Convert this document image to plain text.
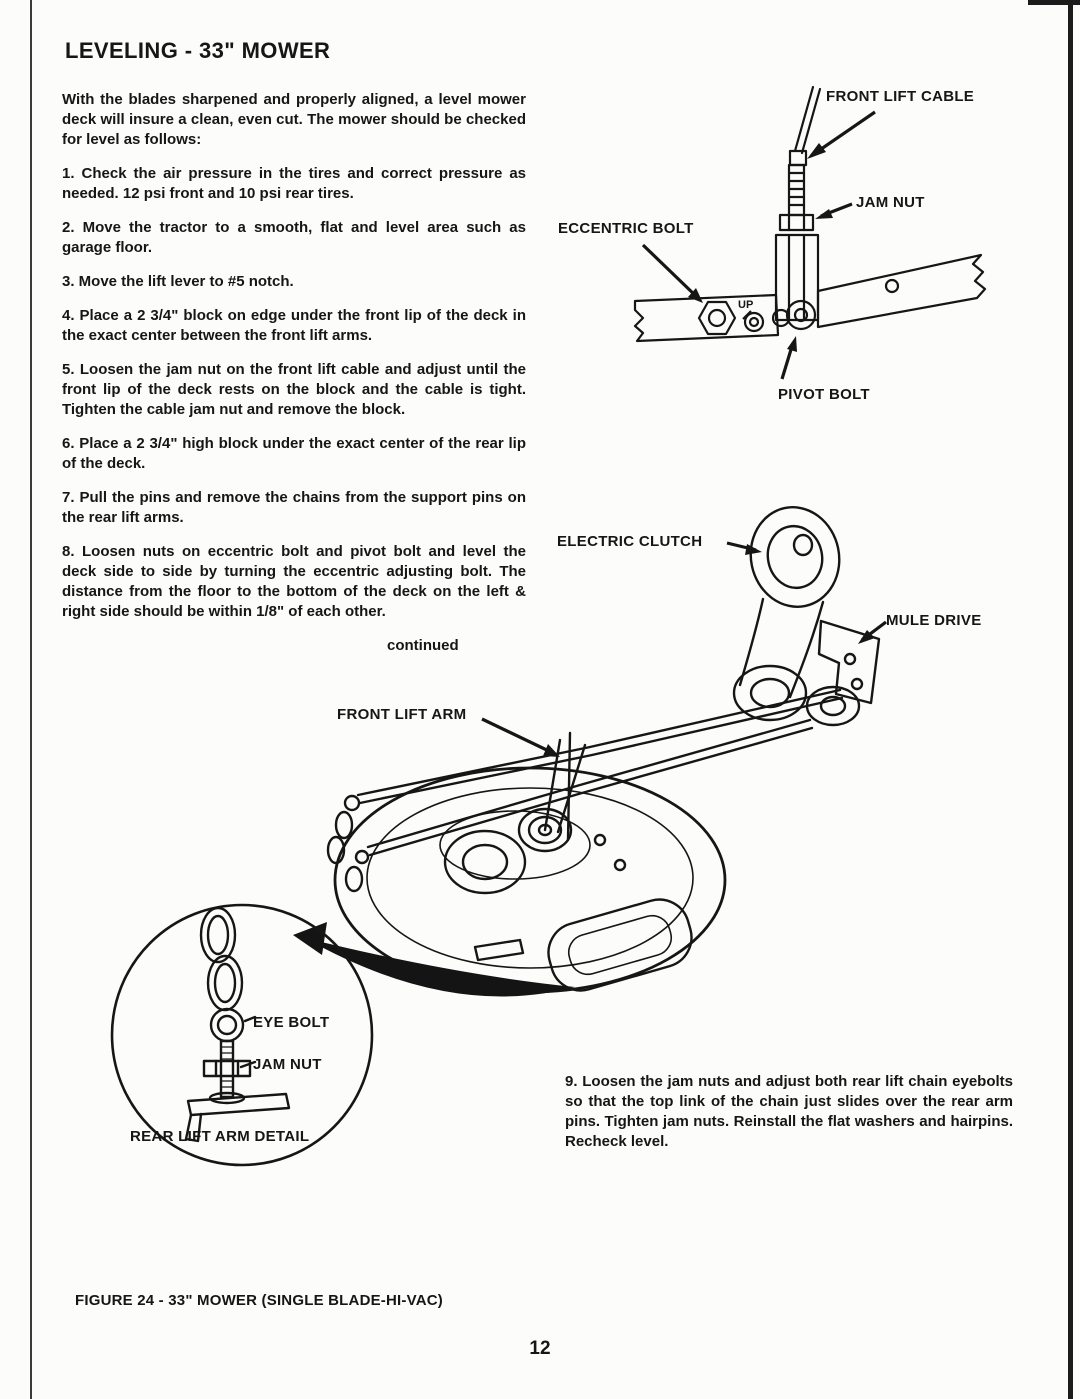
LEVELING - 33" MOWER

With the blades sharpened and properly aligned, a level mower deck will insure a clean, even cut. The mower should be checked for level as follows:

1. Check the air pressure in the tires and correct pressure as needed. 12 psi front and 10 psi rear tires.

2. Move the tractor to a smooth, flat and level area such as garage floor.

3. Move the lift lever to #5 notch.

4. Place a 2 3/4" block on edge under the front lip of the deck in the exact center between the front lift arms.

5. Loosen the jam nut on the front lift cable and adjust until the front lip of the deck rests on the block and the cable is tight. Tighten the cable jam nut and remove the block.

6. Place a 2 3/4" high block under the exact center of the rear lip of the deck.

7. Pull the pins and remove the chains from the support pins on the rear lift arms.

8. Loosen nuts on eccentric bolt and pivot bolt and level the deck side to side by turning the eccentric adjusting bolt. The distance from the floor to the bottom of the deck on the left & right side should be within 1/8" of each other.

continued

UP
FRONT LIFT CABLE
JAM NUT
ECCENTRIC BOLT
PIVOT BOLT
ELECTRIC CLUTCH
MULE DRIVE
FRONT LIFT ARM
EYE BOLT
JAM NUT
REAR LIFT ARM DETAIL

9. Loosen the jam nuts and adjust both rear lift chain eyebolts so that the top link of the chain just slides over the rear arm pins. Tighten jam nuts. Reinstall the flat washers and hairpins. Recheck level.

FIGURE 24 - 33" MOWER (SINGLE BLADE-HI-VAC)
12
